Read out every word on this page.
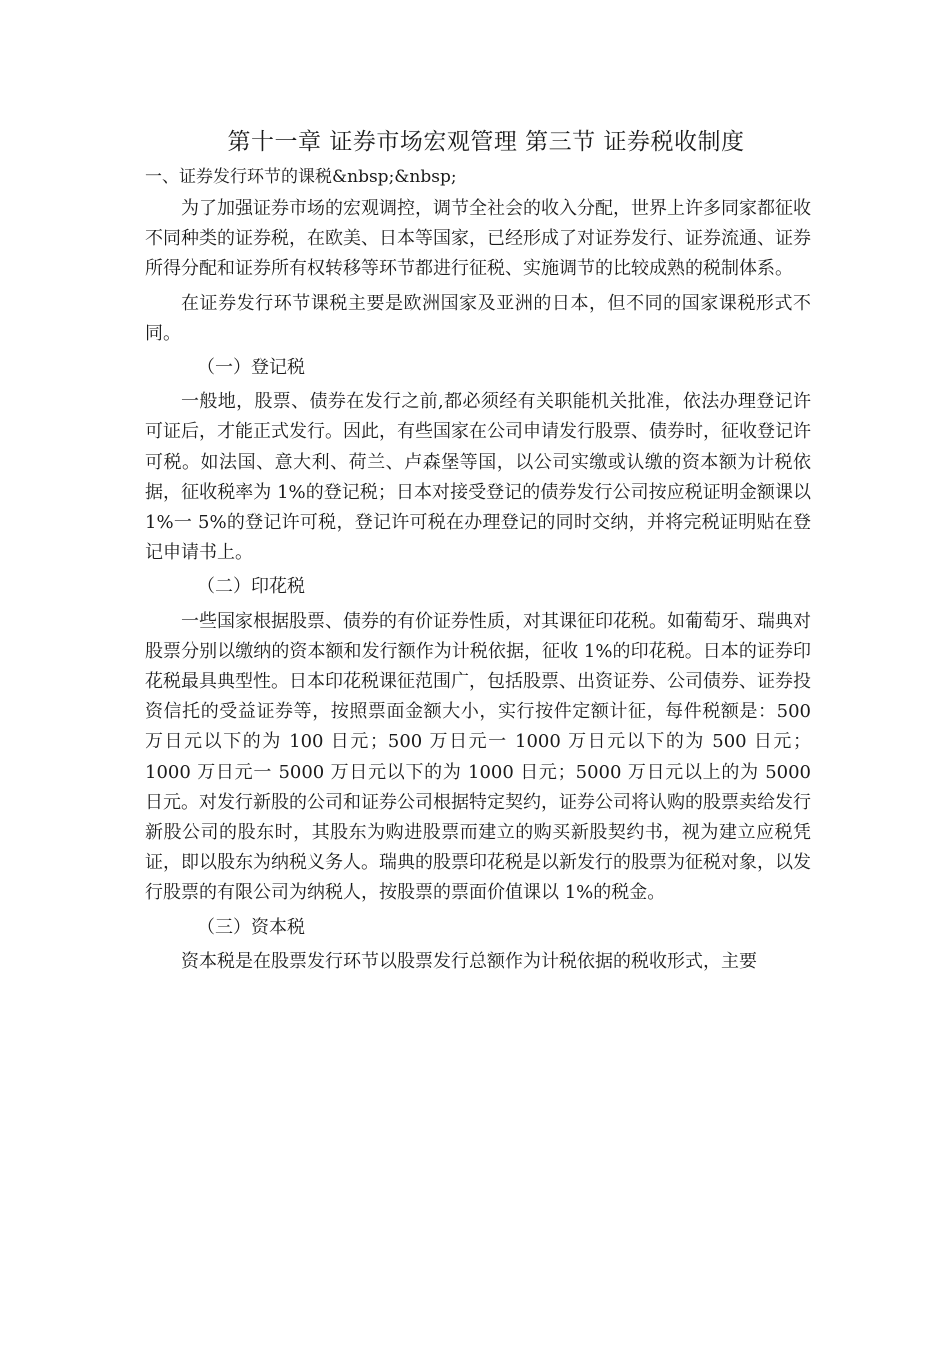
第十一章 证券市场宏观管理 第三节 证券税收制度
一、证券发行环节的课税&nbsp;&nbsp;

为了加强证券市场的宏观调控，调节全社会的收入分配，世界上许多同家都征收不同种类的证券税，在欧美、日本等国家，已经形成了对证券发行、证券流通、证券所得分配和证券所有权转移等环节都进行征税、实施调节的比较成熟的税制体系。

在证券发行环节课税主要是欧洲国家及亚洲的日本，但不同的国家课税形式不同。

（一）登记税

一般地，股票、债券在发行之前,都必须经有关职能机关批准，依法办理登记许可证后，才能正式发行。因此，有些国家在公司申请发行股票、债券时，征收登记许可税。如法国、意大利、荷兰、卢森堡等国，以公司实缴或认缴的资本额为计税依据，征收税率为 1%的登记税；日本对接受登记的债券发行公司按应税证明金额课以 1%一 5%的登记许可税，登记许可税在办理登记的同时交纳，并将完税证明贴在登记申请书上。

（二）印花税

一些国家根据股票、债券的有价证券性质，对其课征印花税。如葡萄牙、瑞典对股票分别以缴纳的资本额和发行额作为计税依据，征收 1%的印花税。日本的证券印花税最具典型性。日本印花税课征范围广，包括股票、出资证券、公司债券、证券投资信托的受益证券等，按照票面金额大小，实行按件定额计征，每件税额是：500 万日元以下的为 100 日元；500 万日元一 1000 万日元以下的为 500 日元；1000 万日元一 5000 万日元以下的为 1000 日元；5000 万日元以上的为 5000 日元。对发行新股的公司和证券公司根据特定契约，证券公司将认购的股票卖给发行新股公司的股东时，其股东为购进股票而建立的购买新股契约书，视为建立应税凭证，即以股东为纳税义务人。瑞典的股票印花税是以新发行的股票为征税对象，以发行股票的有限公司为纳税人，按股票的票面价值课以 1%的税金。

（三）资本税

资本税是在股票发行环节以股票发行总额作为计税依据的税收形式，主要
